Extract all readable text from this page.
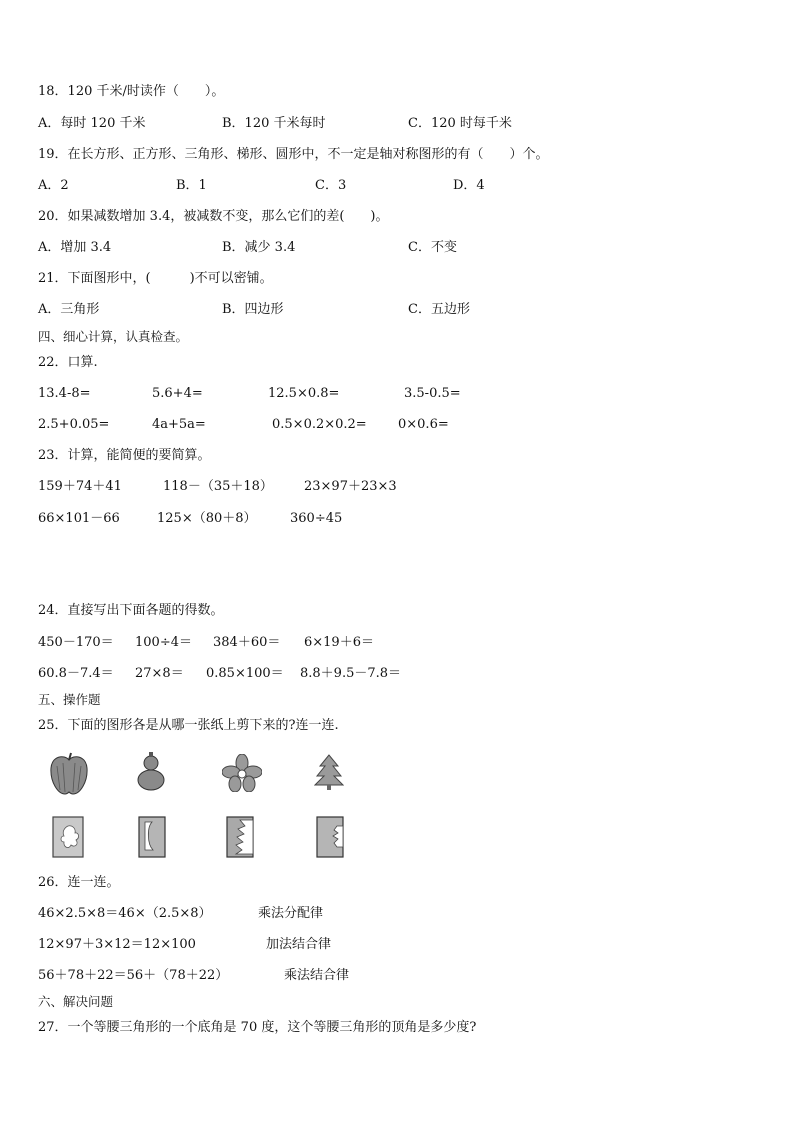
18．120 千米/时读作（　　）。
A．每时 120 千米	B．120 千米每时	C．120 时每千米
19．在长方形、正方形、三角形、梯形、圆形中，不一定是轴对称图形的有（　　）个。
A．2	B．1	C．3	D．4
20．如果减数增加 3.4，被减数不变，那么它们的差(　　)。
A．增加 3.4	B．减少 3.4	C．不变
21．下面图形中，(　　　)不可以密铺。
A．三角形	B．四边形	C．五边形
四、细心计算，认真检查。
22．口算.
13.4-8=	5.6+4=	12.5×0.8=	3.5-0.5=
2.5+0.05=	4a+5a=	0.5×0.2×0.2= 0×0.6=
23．计算，能简便的要简算。
159＋74＋41	118－（35＋18） 23×97＋23×3
66×101－66	125×（80＋8）	360÷45
24．直接写出下面各题的得数。
450－170＝ 100÷4＝ 384＋60＝ 6×19＋6＝
60.8－7.4＝ 27×8＝ 0.85×100＝ 8.8＋9.5－7.8＝
五、操作题
25．下面的图形各是从哪一张纸上剪下来的?连一连.
26．连一连。
46×2.5×8＝46×（2.5×8）	乘法分配律
12×97＋3×12＝12×100	加法结合律
56＋78＋22＝56＋（78＋22）	乘法结合律
六、解决问题
27．一个等腰三角形的一个底角是 70 度，这个等腰三角形的顶角是多少度?
